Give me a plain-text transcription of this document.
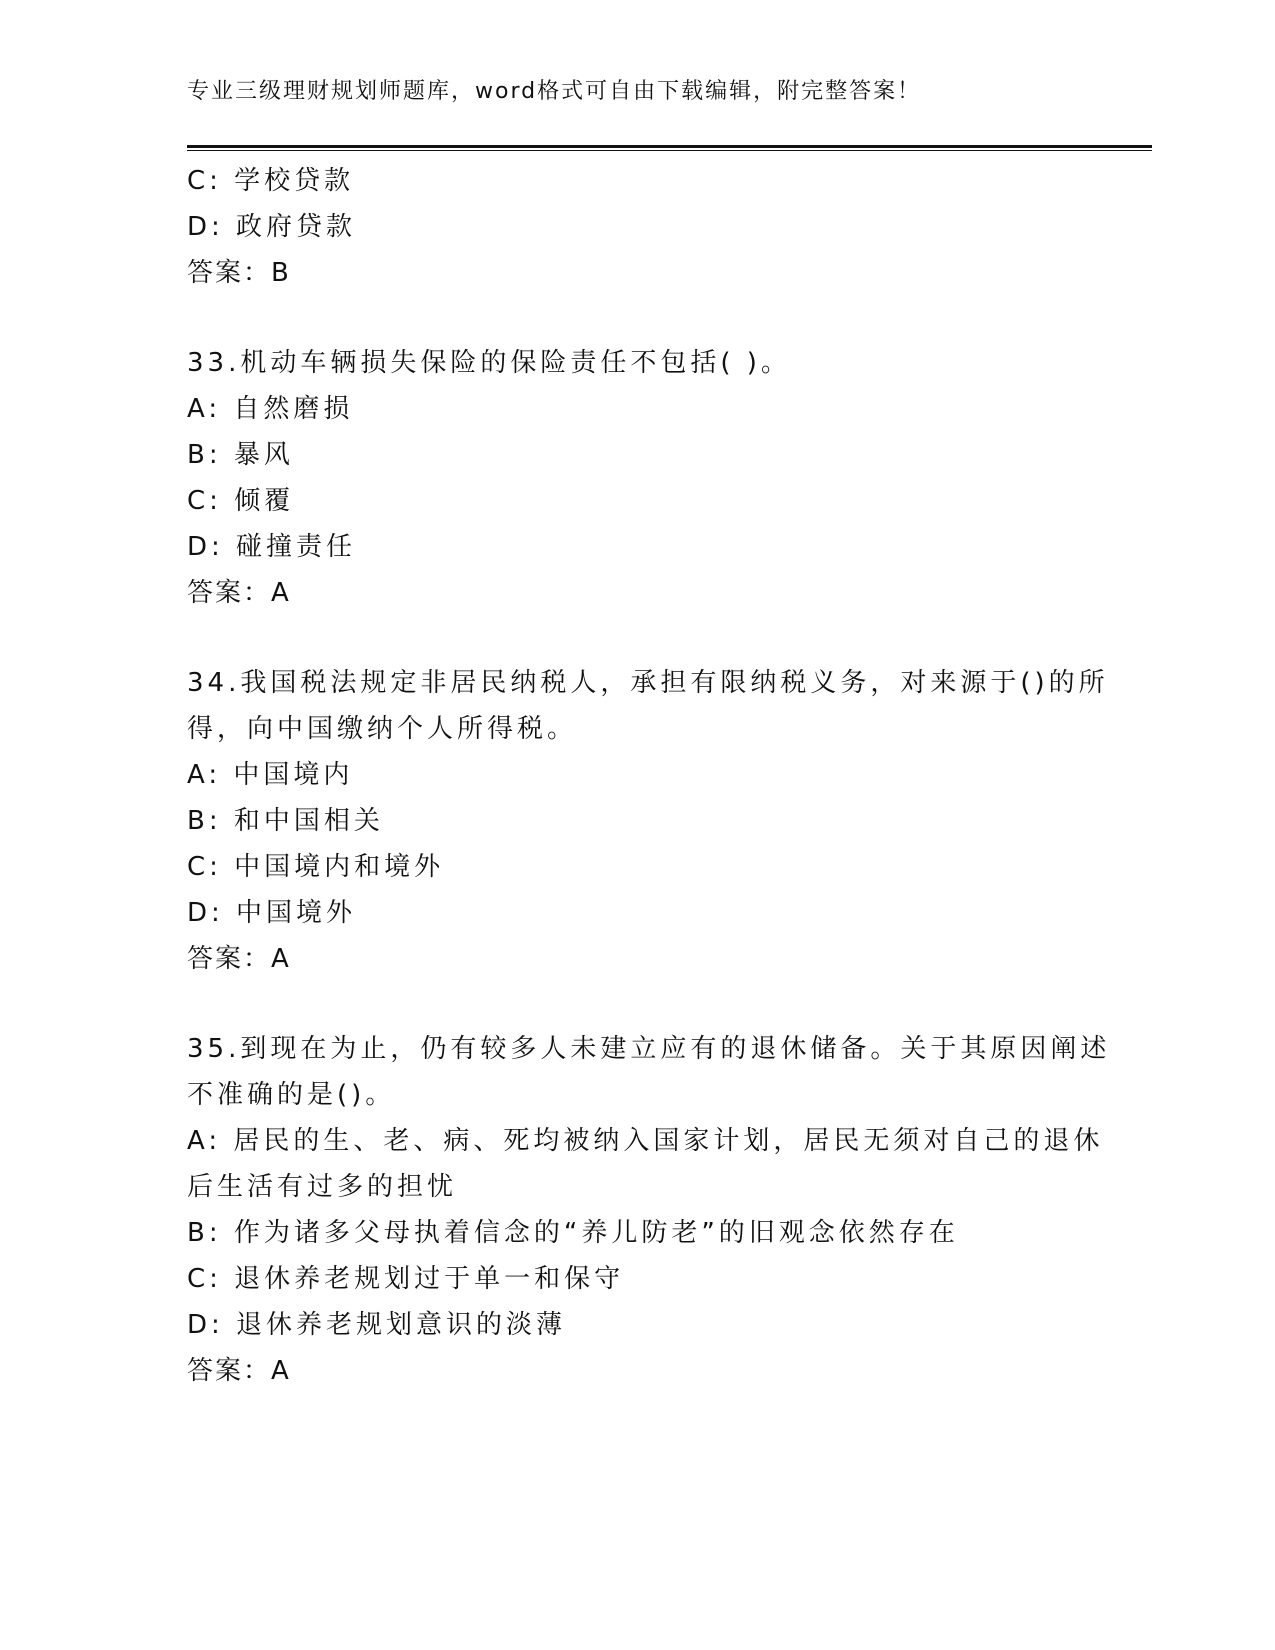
专业三级理财规划师题库，word格式可自由下载编辑，附完整答案！
C: 学校贷款
D: 政府贷款
答案：B
33.机动车辆损失保险的保险责任不包括( )。
A: 自然磨损
B: 暴风
C: 倾覆
D: 碰撞责任
答案：A
34.我国税法规定非居民纳税人，承担有限纳税义务，对来源于()的所
得，向中国缴纳个人所得税。
A: 中国境内
B: 和中国相关
C: 中国境内和境外
D: 中国境外
答案：A
35.到现在为止，仍有较多人未建立应有的退休储备。关于其原因阐述
不准确的是()。
A: 居民的生、老、病、死均被纳入国家计划，居民无须对自己的退休
后生活有过多的担忧
B: 作为诸多父母执着信念的“养儿防老”的旧观念依然存在
C: 退休养老规划过于单一和保守
D: 退休养老规划意识的淡薄
答案：A
